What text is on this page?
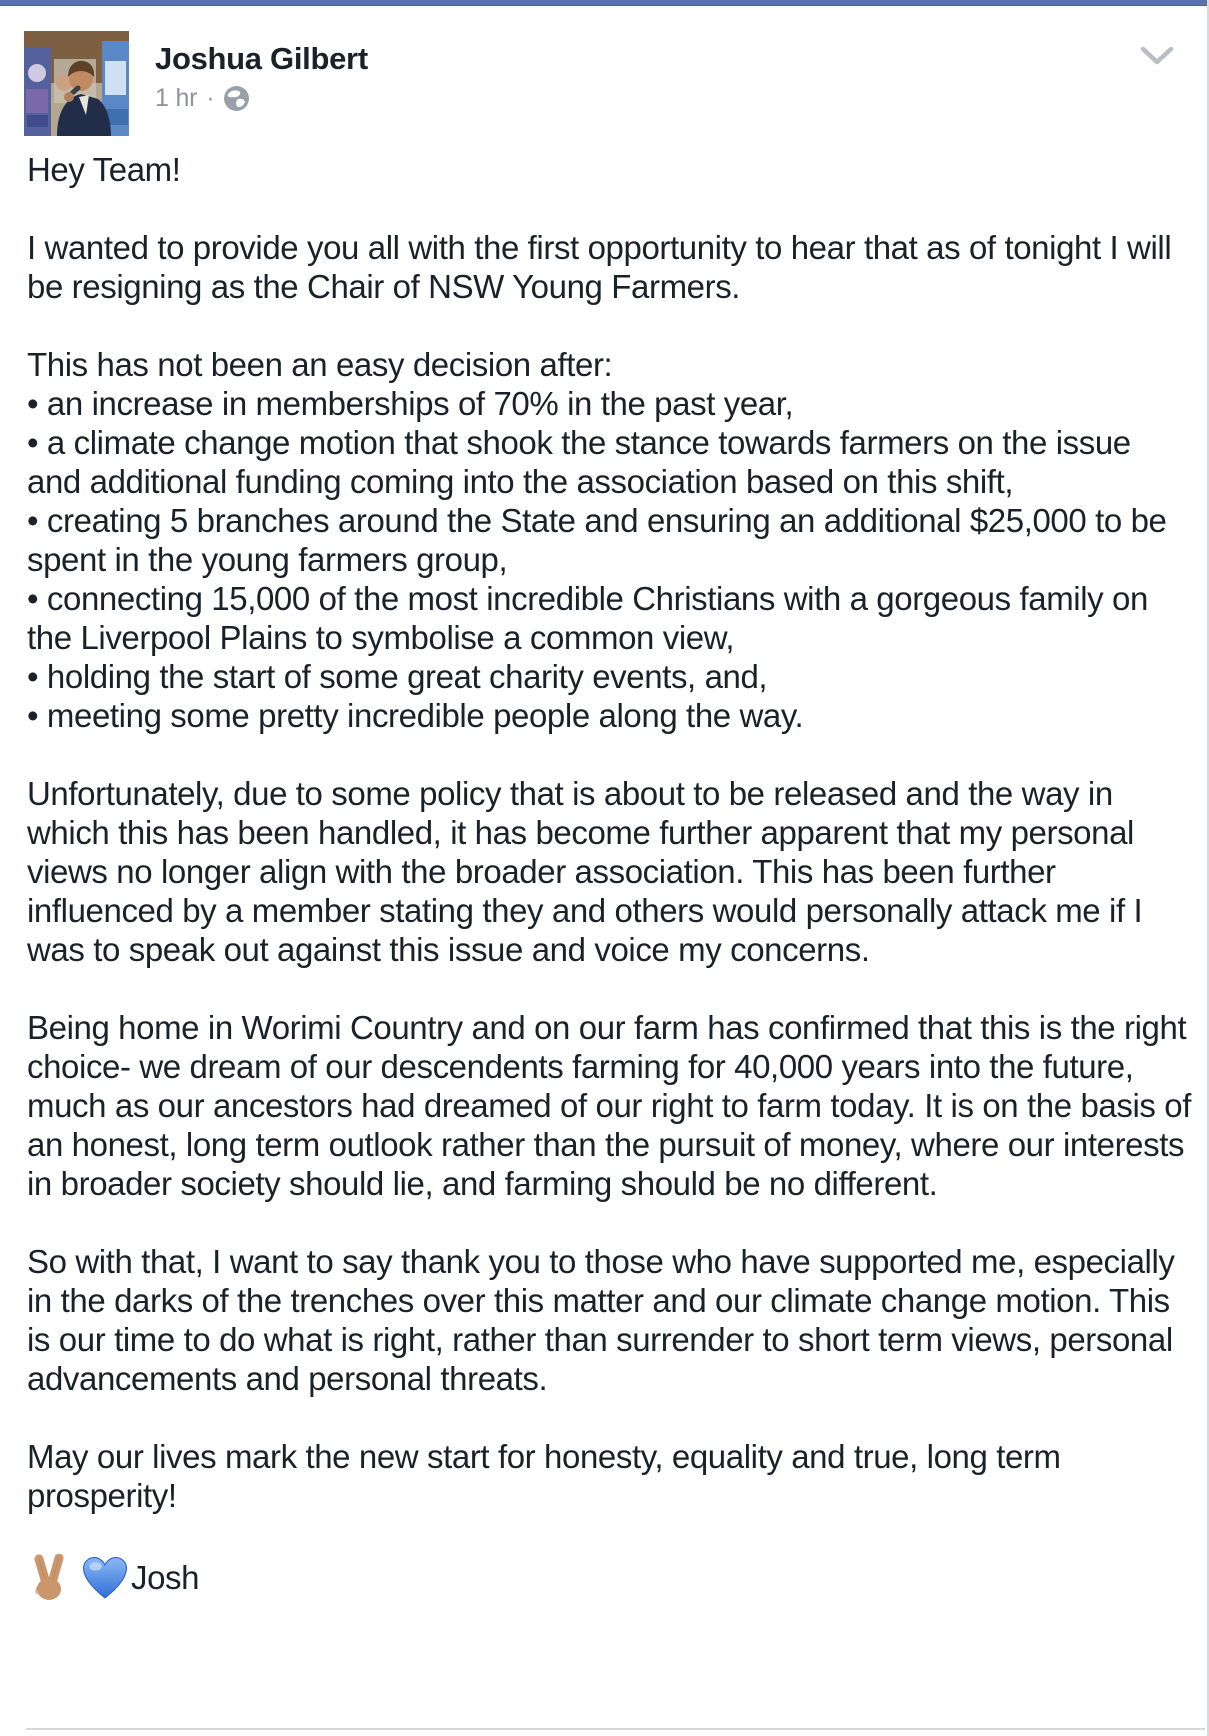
Joshua Gilbert
1 hr ·
Hey Team!
I wanted to provide you all with the first opportunity to hear that as of tonight I will be resigning as the Chair of NSW Young Farmers.
This has not been an easy decision after:
• an increase in memberships of 70% in the past year,
• a climate change motion that shook the stance towards farmers on the issue and additional funding coming into the association based on this shift,
• creating 5 branches around the State and ensuring an additional $25,000 to be spent in the young farmers group,
• connecting 15,000 of the most incredible Christians with a gorgeous family on the Liverpool Plains to symbolise a common view,
• holding the start of some great charity events, and,
• meeting some pretty incredible people along the way.
Unfortunately, due to some policy that is about to be released and the way in which this has been handled, it has become further apparent that my personal views no longer align with the broader association. This has been further influenced by a member stating they and others would personally attack me if I was to speak out against this issue and voice my concerns.
Being home in Worimi Country and on our farm has confirmed that this is the right choice- we dream of our descendents farming for 40,000 years into the future, much as our ancestors had dreamed of our right to farm today. It is on the basis of an honest, long term outlook rather than the pursuit of money, where our interests in broader society should lie, and farming should be no different.
So with that, I want to say thank you to those who have supported me, especially in the darks of the trenches over this matter and our climate change motion. This is our time to do what is right, rather than surrender to short term views, personal advancements and personal threats.
May our lives mark the new start for honesty, equality and true, long term prosperity!
Josh
